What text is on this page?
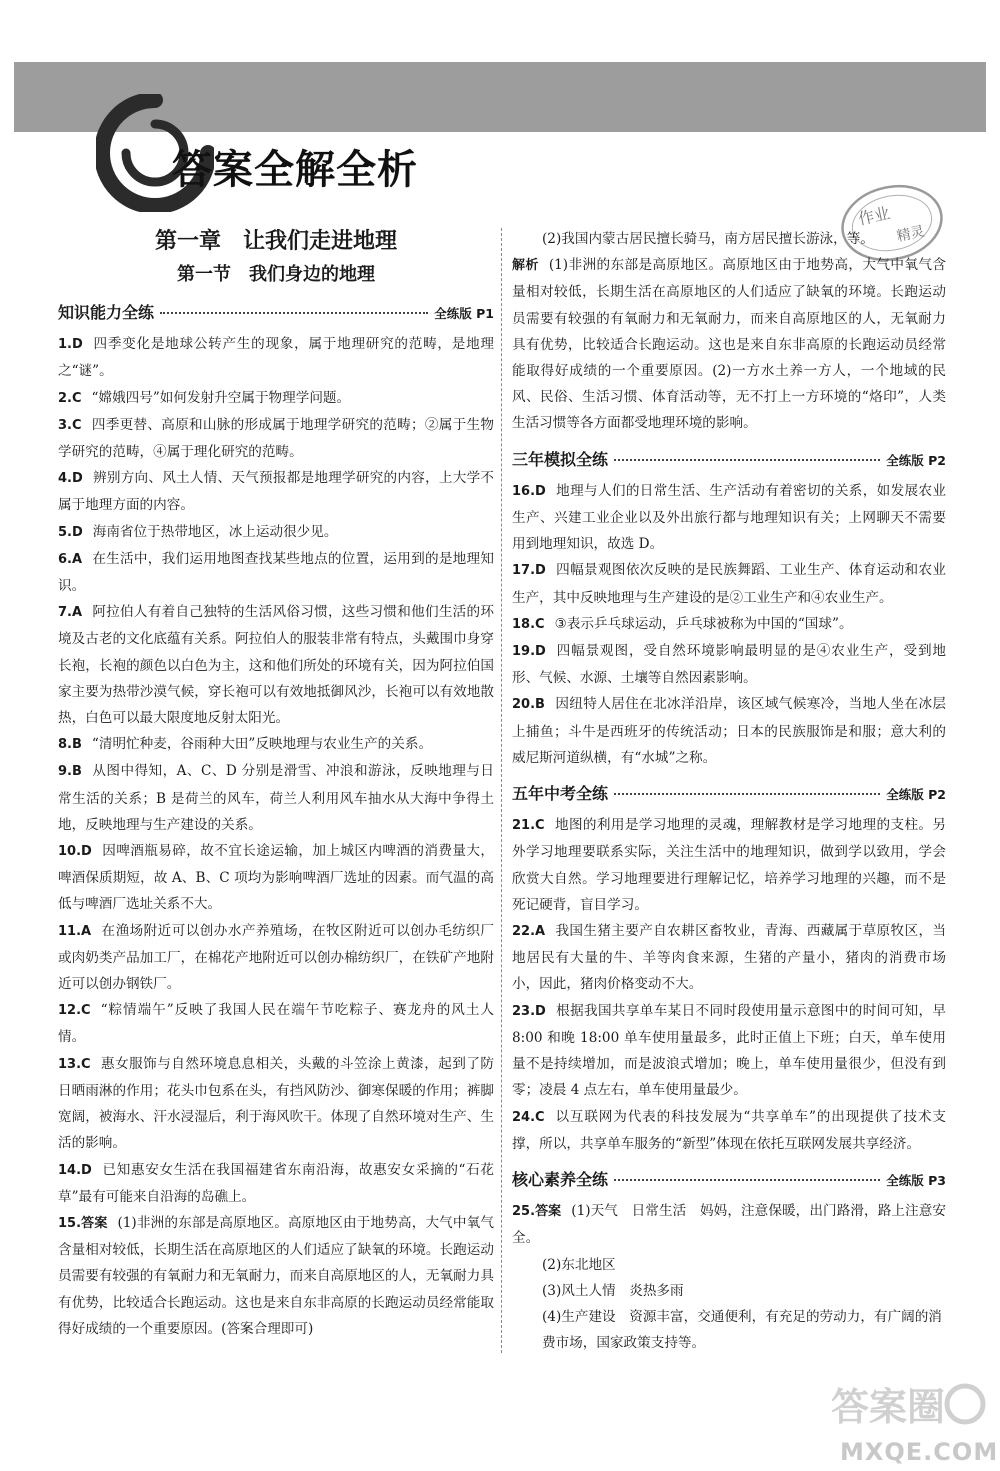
答案全解全析
作业
精灵
第一章　让我们走进地理
第一节　我们身边的地理
知识能力全练	全练版 P1

1.D 四季变化是地球公转产生的现象，属于地理研究的范畴，是地理之“谜”。

2.C “嫦娥四号”如何发射升空属于物理学问题。

3.C 四季更替、高原和山脉的形成属于地理学研究的范畴；②属于生物学研究的范畴，④属于理化研究的范畴。

4.D 辨别方向、风土人情、天气预报都是地理学研究的内容，上大学不属于地理方面的内容。

5.D 海南省位于热带地区，冰上运动很少见。

6.A 在生活中，我们运用地图查找某些地点的位置，运用到的是地理知识。

7.A 阿拉伯人有着自己独特的生活风俗习惯，这些习惯和他们生活的环境及古老的文化底蕴有关系。阿拉伯人的服装非常有特点，头戴围巾身穿长袍，长袍的颜色以白色为主，这和他们所处的环境有关，因为阿拉伯国家主要为热带沙漠气候，穿长袍可以有效地抵御风沙，长袍可以有效地散热，白色可以最大限度地反射太阳光。

8.B “清明忙种麦，谷雨种大田”反映地理与农业生产的关系。

9.B 从图中得知，A、C、D 分别是滑雪、冲浪和游泳，反映地理与日常生活的关系；B 是荷兰的风车，荷兰人利用风车抽水从大海中争得土地，反映地理与生产建设的关系。

10.D 因啤酒瓶易碎，故不宜长途运输，加上城区内啤酒的消费量大，啤酒保质期短，故 A、B、C 项均为影响啤酒厂选址的因素。而气温的高低与啤酒厂选址关系不大。

11.A 在渔场附近可以创办水产养殖场，在牧区附近可以创办毛纺织厂或肉奶类产品加工厂，在棉花产地附近可以创办棉纺织厂，在铁矿产地附近可以创办钢铁厂。

12.C “粽情端午”反映了我国人民在端午节吃粽子、赛龙舟的风土人情。

13.C 惠女服饰与自然环境息息相关，头戴的斗笠涂上黄漆，起到了防日晒雨淋的作用；花头巾包系在头，有挡风防沙、御寒保暖的作用；裤脚宽阔，被海水、汗水浸湿后，利于海风吹干。体现了自然环境对生产、生活的影响。

14.D 已知惠安女生活在我国福建省东南沿海，故惠安女采摘的“石花草”最有可能来自沿海的岛礁上。

15.答案 (1)非洲的东部是高原地区。高原地区由于地势高，大气中氧气含量相对较低，长期生活在高原地区的人们适应了缺氧的环境。长跑运动员需要有较强的有氧耐力和无氧耐力，而来自高原地区的人，无氧耐力具有优势，比较适合长跑运动。这也是来自东非高原的长跑运动员经常能取得好成绩的一个重要原因。(答案合理即可)

(2)我国内蒙古居民擅长骑马，南方居民擅长游泳，等。

解析 (1)非洲的东部是高原地区。高原地区由于地势高，大气中氧气含量相对较低，长期生活在高原地区的人们适应了缺氧的环境。长跑运动员需要有较强的有氧耐力和无氧耐力，而来自高原地区的人，无氧耐力具有优势，比较适合长跑运动。这也是来自东非高原的长跑运动员经常能取得好成绩的一个重要原因。(2)一方水土养一方人，一个地域的民风、民俗、生活习惯、体育活动等，无不打上一方环境的“烙印”，人类生活习惯等各方面都受地理环境的影响。

三年模拟全练	全练版 P2

16.D 地理与人们的日常生活、生产活动有着密切的关系，如发展农业生产、兴建工业企业以及外出旅行都与地理知识有关；上网聊天不需要用到地理知识，故选 D。

17.D 四幅景观图依次反映的是民族舞蹈、工业生产、体育运动和农业生产，其中反映地理与生产建设的是②工业生产和④农业生产。

18.C ③表示乒乓球运动，乒乓球被称为中国的“国球”。

19.D 四幅景观图，受自然环境影响最明显的是④农业生产，受到地形、气候、水源、土壤等自然因素影响。

20.B 因纽特人居住在北冰洋沿岸，该区域气候寒冷，当地人坐在冰层上捕鱼；斗牛是西班牙的传统活动；日本的民族服饰是和服；意大利的威尼斯河道纵横，有“水城”之称。

五年中考全练	全练版 P2

21.C 地图的利用是学习地理的灵魂，理解教材是学习地理的支柱。另外学习地理要联系实际，关注生活中的地理知识，做到学以致用，学会欣赏大自然。学习地理要进行理解记忆，培养学习地理的兴趣，而不是死记硬背，盲目学习。

22.A 我国生猪主要产自农耕区畜牧业，青海、西藏属于草原牧区，当地居民有大量的牛、羊等肉食来源，生猪的产量小，猪肉的消费市场小，因此，猪肉价格变动不大。

23.D 根据我国共享单车某日不同时段使用量示意图中的时间可知，早 8:00 和晚 18:00 单车使用量最多，此时正值上下班；白天，单车使用量不是持续增加，而是波浪式增加；晚上，单车使用量很少，但没有到零；凌晨 4 点左右，单车使用量最少。

24.C 以互联网为代表的科技发展为“共享单车”的出现提供了技术支撑，所以，共享单车服务的“新型”体现在依托互联网发展共享经济。

核心素养全练	全练版 P3

25.答案 (1)天气　日常生活　妈妈，注意保暖，出门路滑，路上注意安全。

(2)东北地区

(3)风土人情　炎热多雨

(4)生产建设　资源丰富，交通便利，有充足的劳动力，有广阔的消费市场，国家政策支持等。

答案圈
MXQE.COM
